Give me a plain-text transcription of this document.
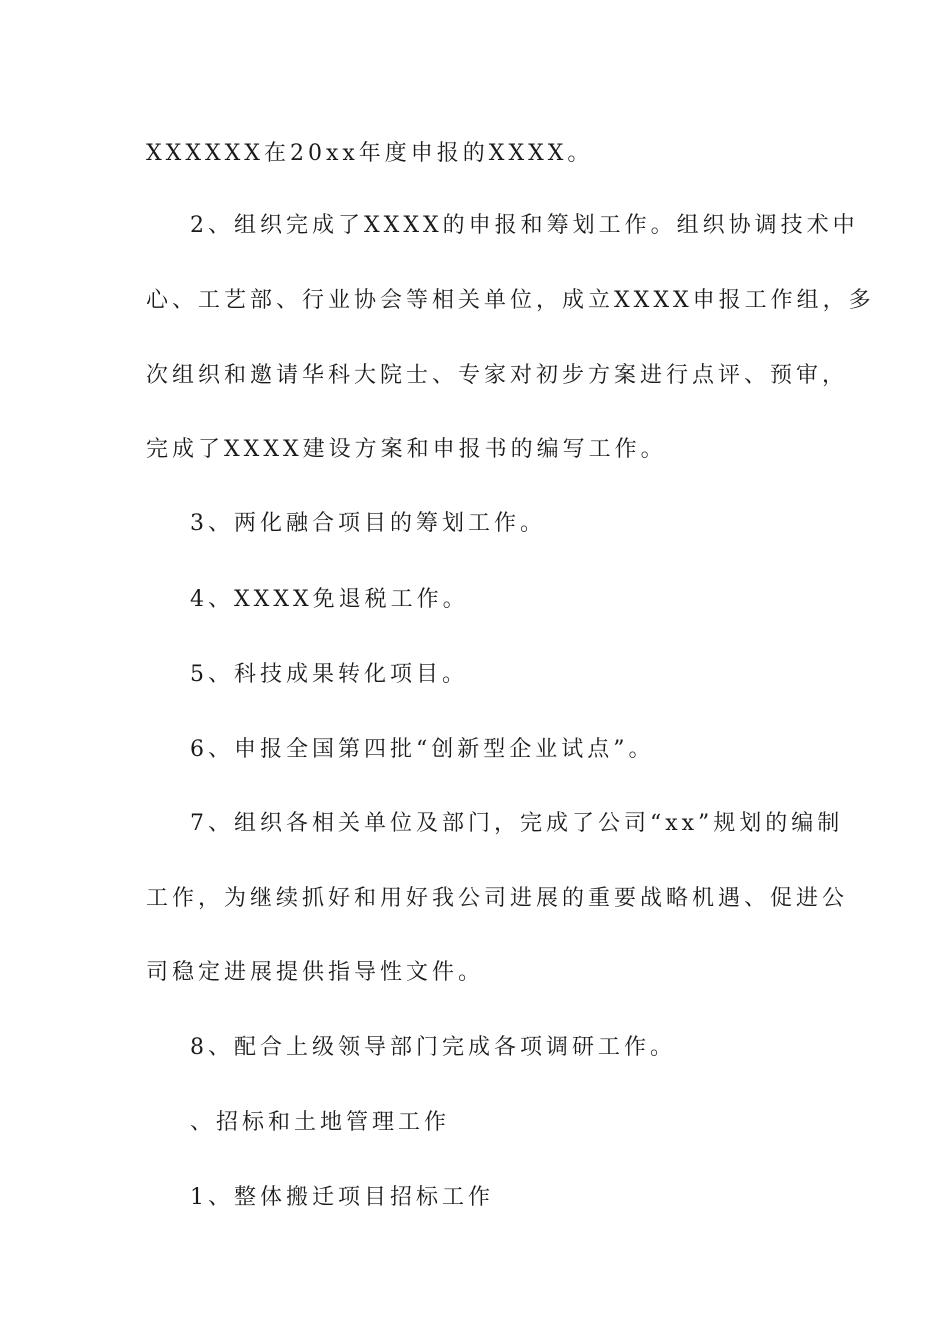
XXXXXX在20xx年度申报的XXXX。

2、组织完成了XXXX的申报和筹划工作。组织协调技术中

心、工艺部、行业协会等相关单位，成立XXXX申报工作组，多

次组织和邀请华科大院士、专家对初步方案进行点评、预审，

完成了XXXX建设方案和申报书的编写工作。

3、两化融合项目的筹划工作。

4、XXXX免退税工作。

5、科技成果转化项目。

6、申报全国第四批“创新型企业试点”。

7、组织各相关单位及部门，完成了公司“xx”规划的编制

工作，为继续抓好和用好我公司进展的重要战略机遇、促进公

司稳定进展提供指导性文件。

8、配合上级领导部门完成各项调研工作。

、招标和土地管理工作

1、整体搬迁项目招标工作
